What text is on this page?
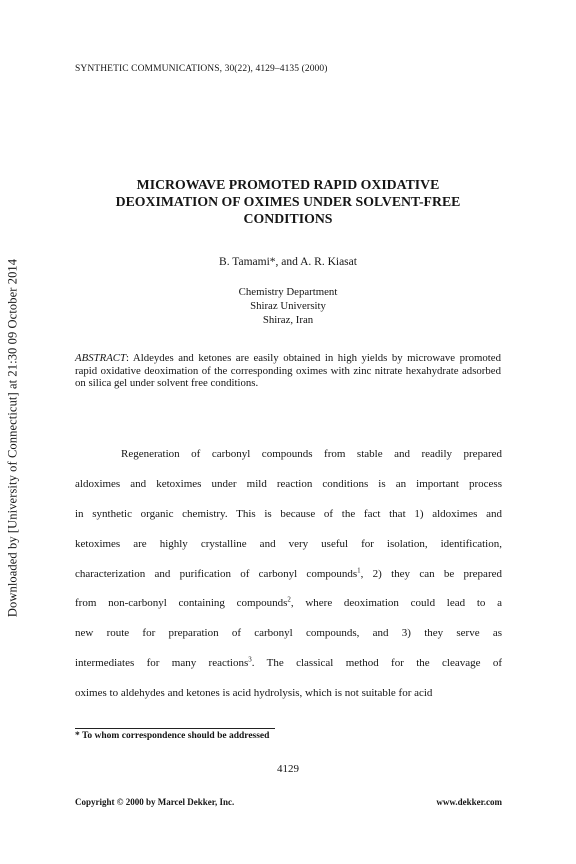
Downloaded by [University of Connecticut] at 21:30 09 October 2014
SYNTHETIC COMMUNICATIONS, 30(22), 4129–4135 (2000)
MICROWAVE PROMOTED RAPID OXIDATIVE
DEOXIMATION OF OXIMES UNDER SOLVENT-FREE
CONDITIONS
B. Tamami*, and A. R. Kiasat
Chemistry Department
Shiraz University
Shiraz, Iran
ABSTRACT: Aldeydes and ketones are easily obtained in high yields by microwave promoted rapid oxidative deoximation of the corresponding oximes with zinc nitrate hexahydrate adsorbed on silica gel under solvent free conditions.
Regeneration of carbonyl compounds from stable and readily prepared
aldoximes and ketoximes under mild reaction conditions is an important process
in synthetic organic chemistry. This is because of the fact that 1) aldoximes and
ketoximes are highly crystalline and very useful for isolation, identification,
characterization and purification of carbonyl compounds$^1$, 2) they can be prepared
from non-carbonyl containing compounds$^2$, where deoximation could lead to a
new route for preparation of carbonyl compounds, and 3) they serve as
intermediates for many reactions$^3$. The classical method for the cleavage of
oximes to aldehydes and ketones is acid hydrolysis, which is not suitable for acid
* To whom correspondence should be addressed
4129
Copyright © 2000 by Marcel Dekker, Inc.	www.dekker.com
